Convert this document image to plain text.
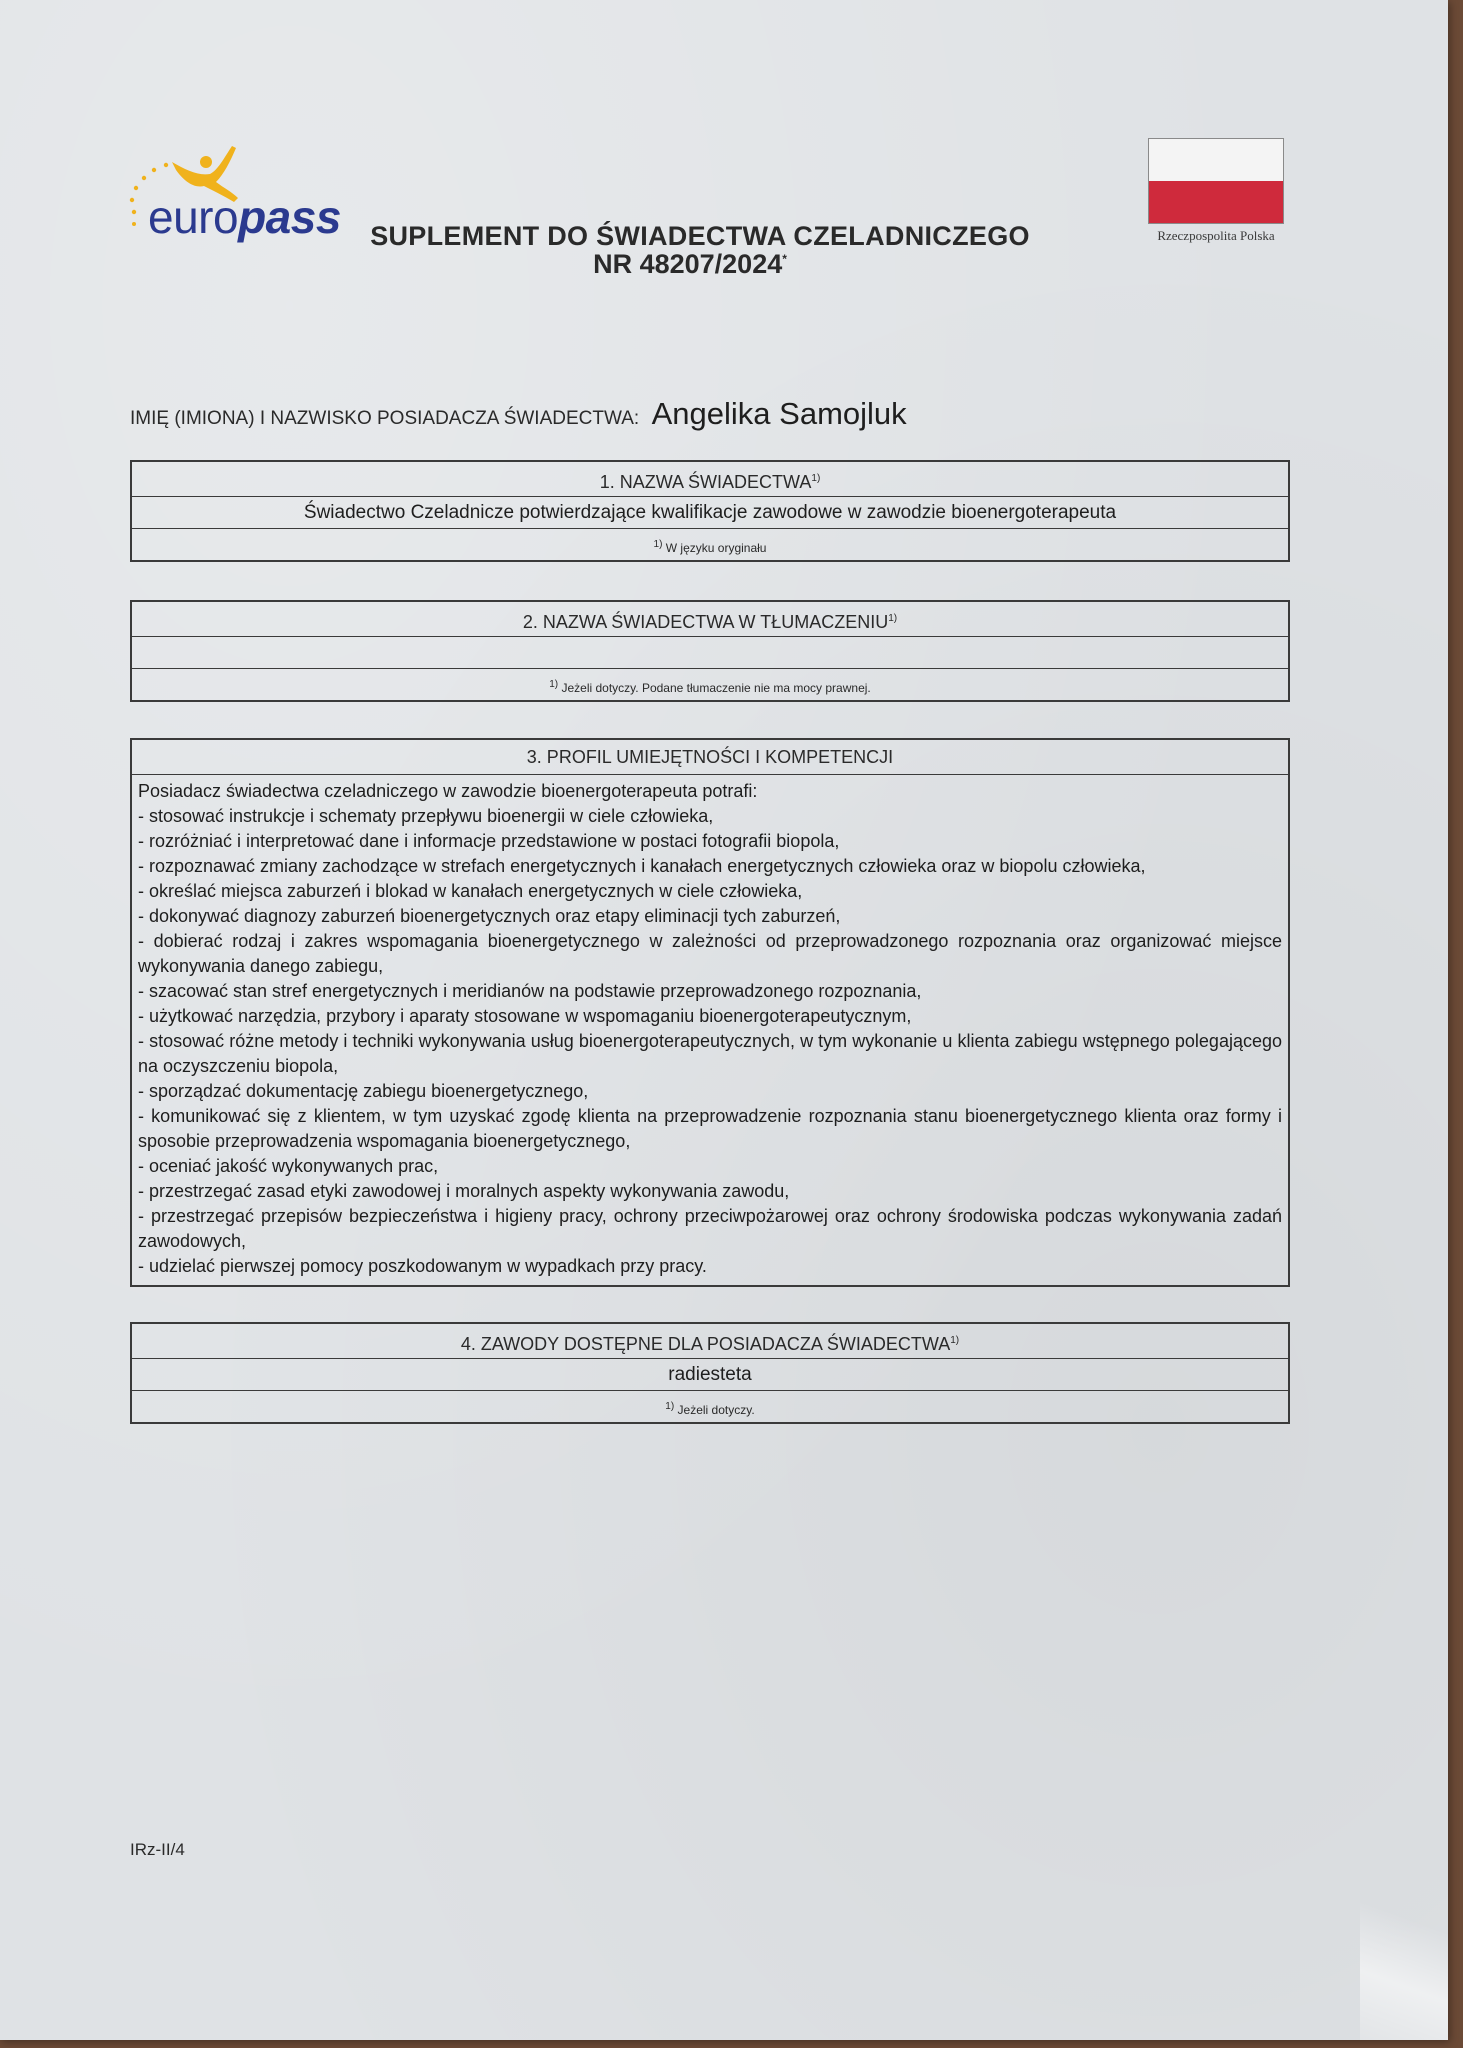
europass	Rzeczpospolita Polska
SUPLEMENT DO ŚWIADECTWA CZELADNICZEGO
NR 48207/2024*
IMIĘ (IMIONA) I NAZWISKO POSIADACZA ŚWIADECTWA: Angelika Samojluk
1. NAZWA ŚWIADECTWA$^{1)}$
Świadectwo Czeladnicze potwierdzające kwalifikacje zawodowe w zawodzie bioenergoterapeuta
$^{1)}$ W języku oryginału
2. NAZWA ŚWIADECTWA W TŁUMACZENIU$^{1)}$
$^{1)}$ Jeżeli dotyczy. Podane tłumaczenie nie ma mocy prawnej.
3. PROFIL UMIEJĘTNOŚCI I KOMPETENCJI

Posiadacz świadectwa czeladniczego w zawodzie bioenergoterapeuta potrafi:

- stosować instrukcje i schematy przepływu bioenergii w ciele człowieka,

- rozróżniać i interpretować dane i informacje przedstawione w postaci fotografii biopola,

- rozpoznawać zmiany zachodzące w strefach energetycznych i kanałach energetycznych człowieka oraz w biopolu człowieka,

- określać miejsca zaburzeń i blokad w kanałach energetycznych w ciele człowieka,

- dokonywać diagnozy zaburzeń bioenergetycznych oraz etapy eliminacji tych zaburzeń,

- dobierać rodzaj i zakres wspomagania bioenergetycznego w zależności od przeprowadzonego rozpoznania oraz organizować miejsce wykonywania danego zabiegu,

- szacować stan stref energetycznych i meridianów na podstawie przeprowadzonego rozpoznania,

- użytkować narzędzia, przybory i aparaty stosowane w wspomaganiu bioenergoterapeutycznym,

- stosować różne metody i techniki wykonywania usług bioenergoterapeutycznych, w tym wykonanie u klienta zabiegu wstępnego polegającego na oczyszczeniu biopola,

- sporządzać dokumentację zabiegu bioenergetycznego,

- komunikować się z klientem, w tym uzyskać zgodę klienta na przeprowadzenie rozpoznania stanu bioenergetycznego klienta oraz formy i sposobie przeprowadzenia wspomagania bioenergetycznego,

- oceniać jakość wykonywanych prac,

- przestrzegać zasad etyki zawodowej i moralnych aspekty wykonywania zawodu,

- przestrzegać przepisów bezpieczeństwa i higieny pracy, ochrony przeciwpożarowej oraz ochrony środowiska podczas wykonywania zadań zawodowych,

- udzielać pierwszej pomocy poszkodowanym w wypadkach przy pracy.

4. ZAWODY DOSTĘPNE DLA POSIADACZA ŚWIADECTWA$^{1)}$
radiesteta
$^{1)}$ Jeżeli dotyczy.
IRz-II/4
